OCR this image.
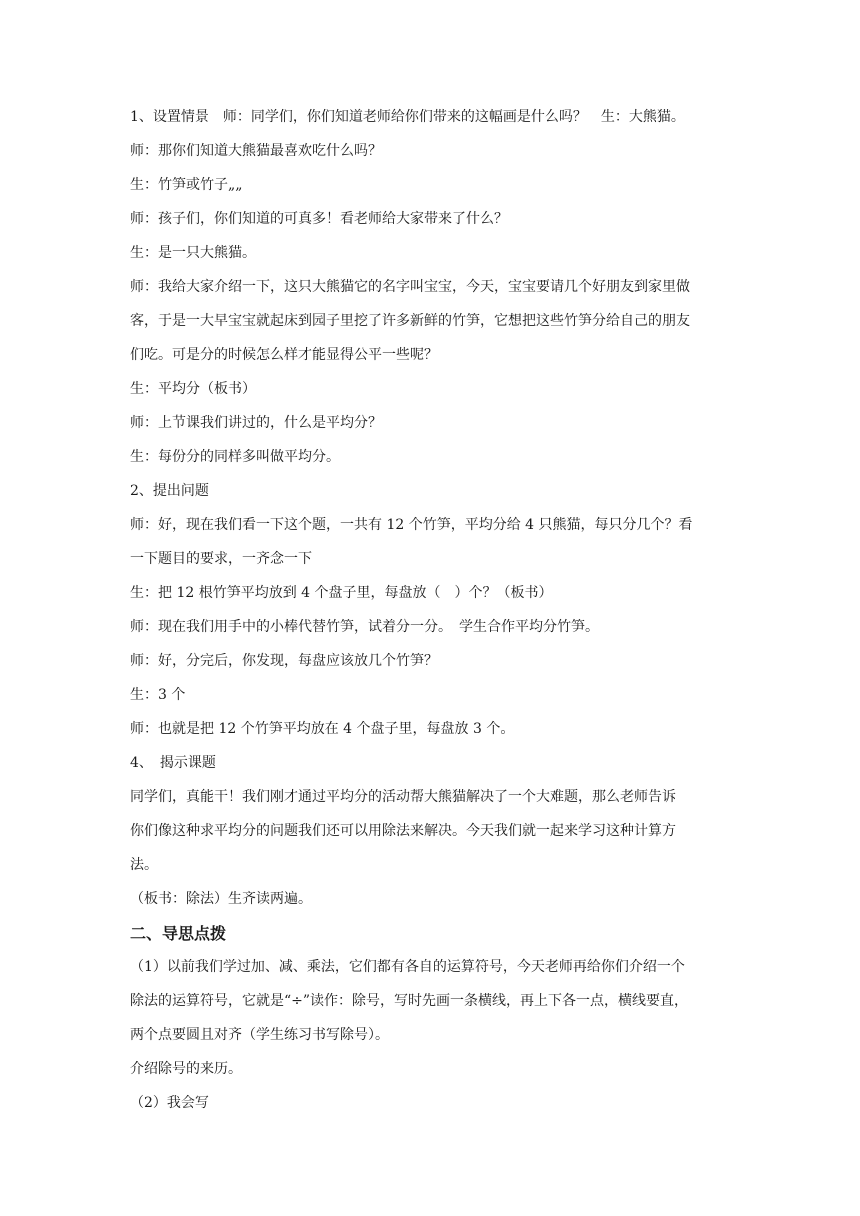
1、设置情景　师：同学们，你们知道老师给你们带来的这幅画是什么吗？　生：大熊猫。
师：那你们知道大熊猫最喜欢吃什么吗？
生：竹笋或竹子„„
师：孩子们，你们知道的可真多！看老师给大家带来了什么？
生：是一只大熊猫。
师：我给大家介绍一下，这只大熊猫它的名字叫宝宝，今天，宝宝要请几个好朋友到家里做
客，于是一大早宝宝就起床到园子里挖了许多新鲜的竹笋，它想把这些竹笋分给自己的朋友
们吃。可是分的时候怎么样才能显得公平一些呢？
生：平均分（板书）
师：上节课我们讲过的，什么是平均分？
生：每份分的同样多叫做平均分。
2、提出问题
师：好，现在我们看一下这个题，一共有 12 个竹笋，平均分给 4 只熊猫，每只分几个？看
一下题目的要求，一齐念一下
生：把 12 根竹笋平均放到 4 个盘子里，每盘放（　）个？（板书）
师：现在我们用手中的小棒代替竹笋，试着分一分。　学生合作平均分竹笋。
师：好，分完后，你发现，每盘应该放几个竹笋？
生：3 个
师：也就是把 12 个竹笋平均放在 4 个盘子里，每盘放 3 个。
4、　揭示课题
同学们，真能干！我们刚才通过平均分的活动帮大熊猫解决了一个大难题，那么老师告诉
你们像这种求平均分的问题我们还可以用除法来解决。今天我们就一起来学习这种计算方
法。
（板书：除法）生齐读两遍。
二、导思点拨
（1）以前我们学过加、减、乘法，它们都有各自的运算符号，今天老师再给你们介绍一个
除法的运算符号，它就是“÷”读作：除号，写时先画一条横线，再上下各一点，横线要直，
两个点要圆且对齐（学生练习书写除号）。
介绍除号的来历。
（2）我会写
